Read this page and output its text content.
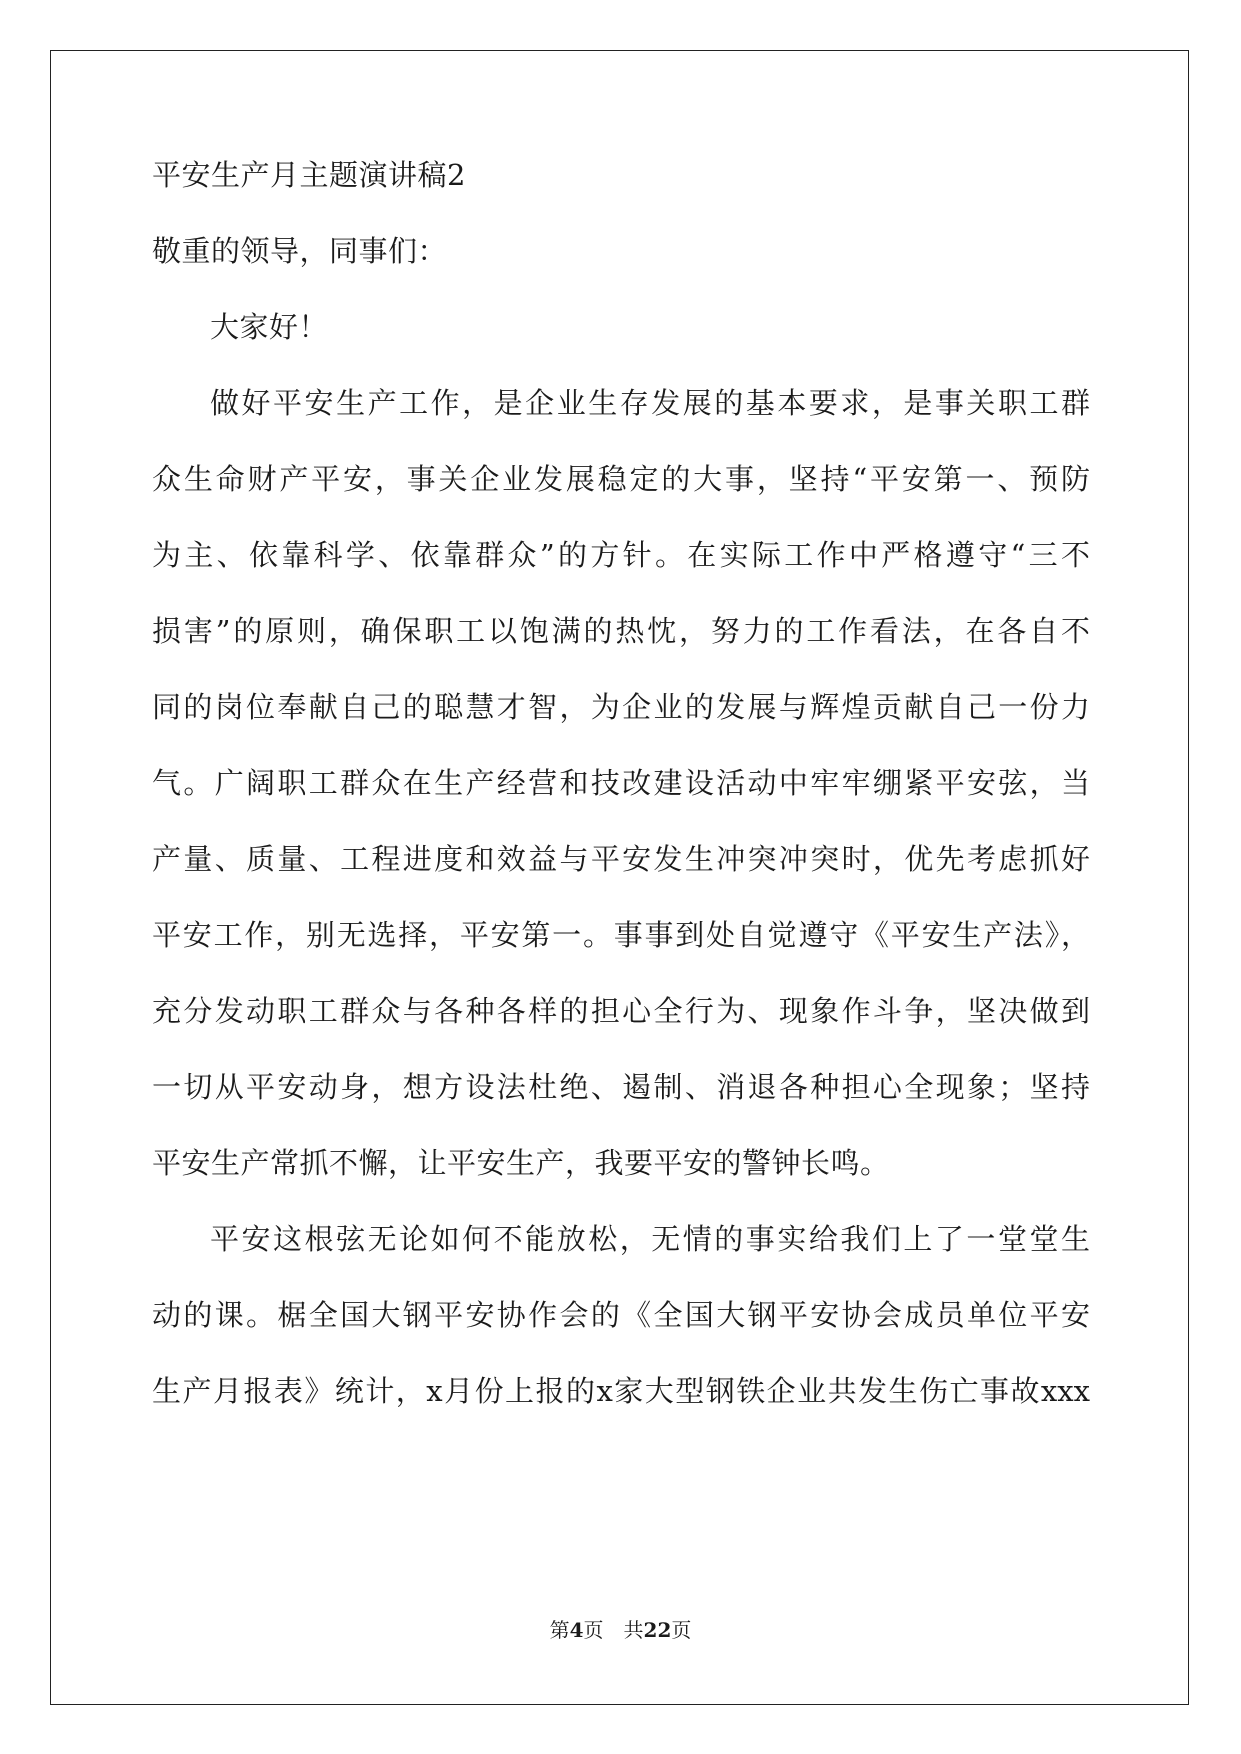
平安生产月主题演讲稿2
敬重的领导，同事们：
大家好！
做好平安生产工作，是企业生存发展的基本要求，是事关职工群
众生命财产平安，事关企业发展稳定的大事，坚持“平安第一、预防
为主、依靠科学、依靠群众”的方针。在实际工作中严格遵守“三不
损害”的原则，确保职工以饱满的热忱，努力的工作看法，在各自不
同的岗位奉献自己的聪慧才智，为企业的发展与辉煌贡献自己一份力
气。广阔职工群众在生产经营和技改建设活动中牢牢绷紧平安弦，当
产量、质量、工程进度和效益与平安发生冲突冲突时，优先考虑抓好
平安工作，别无选择，平安第一。事事到处自觉遵守《平安生产法》，
充分发动职工群众与各种各样的担心全行为、现象作斗争，坚决做到
一切从平安动身，想方设法杜绝、遏制、消退各种担心全现象；坚持
平安生产常抓不懈，让平安生产，我要平安的警钟长鸣。
平安这根弦无论如何不能放松，无情的事实给我们上了一堂堂生
动的课。椐全国大钢平安协作会的《全国大钢平安协会成员单位平安
生产月报表》统计，x月份上报的x家大型钢铁企业共发生伤亡事故xxx
第4页　共22页
